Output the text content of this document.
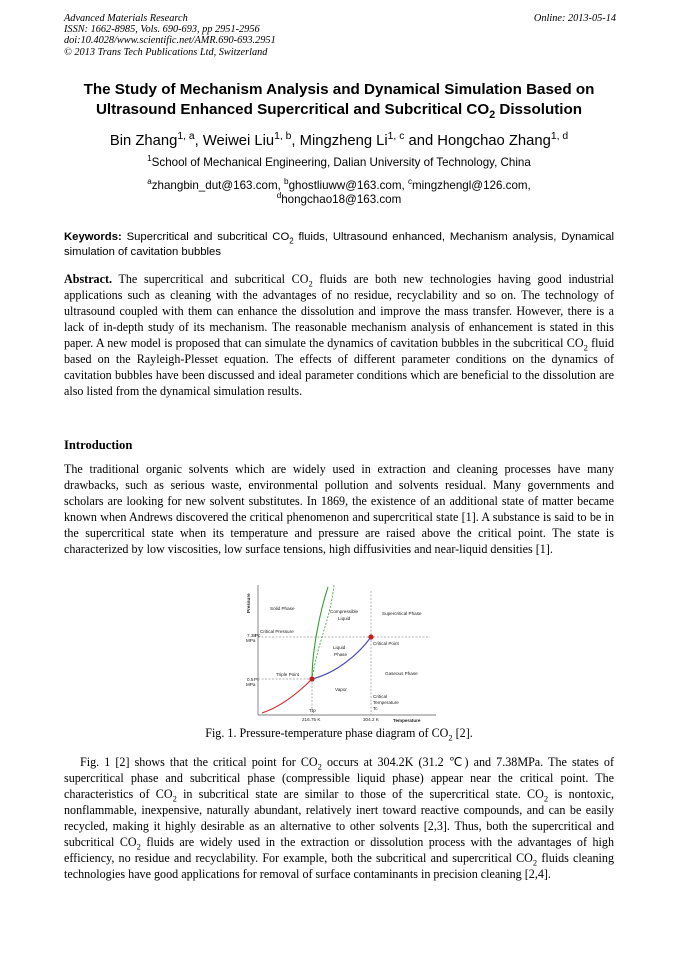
Advanced Materials Research
ISSN: 1662-8985, Vols. 690-693, pp 2951-2956
doi:10.4028/www.scientific.net/AMR.690-693.2951
© 2013 Trans Tech Publications Ltd, Switzerland
Online: 2013-05-14
The Study of Mechanism Analysis and Dynamical Simulation Based on
Ultrasound Enhanced Supercritical and Subcritical $CO_2$ Dissolution
Bin Zhang$^{1, a}$, Weiwei Liu$^{1, b}$, Mingzheng Li$^{1, c}$ and Hongchao Zhang$^{1, d}$
$^1$School of Mechanical Engineering, Dalian University of Technology, China
$^a$zhangbin_dut@163.com, $^b$ghostliuww@163.com, $^c$mingzhengl@126.com,
$^d$hongchao18@163.com
Keywords: Supercritical and subcritical $CO_2$ fluids, Ultrasound enhanced, Mechanism analysis, Dynamical simulation of cavitation bubbles
Abstract. The supercritical and subcritical $CO_2$ fluids are both new technologies having good industrial applications such as cleaning with the advantages of no residue, recyclability and so on. The technology of ultrasound coupled with them can enhance the dissolution and improve the mass transfer. However, there is a lack of in-depth study of its mechanism. The reasonable mechanism analysis of enhancement is stated in this paper. A new model is proposed that can simulate the dynamics of cavitation bubbles in the subcritical $CO_2$ fluid based on the Rayleigh-Plesset equation. The effects of different parameter conditions on the dynamics of cavitation bubbles have been discussed and ideal parameter conditions which are beneficial to the dissolution are also listed from the dynamical simulation results.
Introduction
The traditional organic solvents which are widely used in extraction and cleaning processes have many drawbacks, such as serious waste, environmental pollution and solvents residual. Many governments and scholars are looking for new solvent substitutes. In 1869, the existence of an additional state of matter became known when Andrews discovered the critical phenomenon and supercritical state [1]. A substance is said to be in the supercritical state when its temperature and pressure are raised above the critical point. The state is characterized by low viscosities, low surface tensions, high diffusivities and near-liquid densities [1].
Pressure
Temperature
Solid Phase
Compressible
Liquid
Supercritical Phase
Critical Pressure
7.38
MPa
Pc
Critical Point
Liquid
Phase
Triple Point
0.5
MPa
Pt
Gaseous Phase
Vapor
Critical
Temperature
Tc
Ttp
216.75 K	304.2 K
Fig. 1. Pressure-temperature phase diagram of $CO_2$ [2].
Fig. 1 [2] shows that the critical point for $CO_2$ occurs at 304.2K (31.2 ℃) and 7.38MPa. The states of supercritical phase and subcritical phase (compressible liquid phase) appear near the critical point. The characteristics of $CO_2$ in subcritical state are similar to those of the supercritical state. $CO_2$ is nontoxic, nonflammable, inexpensive, naturally abundant, relatively inert toward reactive compounds, and can be easily recycled, making it highly desirable as an alternative to other solvents [2,3]. Thus, both the supercritical and subcritical $CO_2$ fluids are widely used in the extraction or dissolution process with the advantages of high efficiency, no residue and recyclability. For example, both the subcritical and supercritical $CO_2$ fluids cleaning technologies have good applications for removal of surface contaminants in precision cleaning [2,4].
